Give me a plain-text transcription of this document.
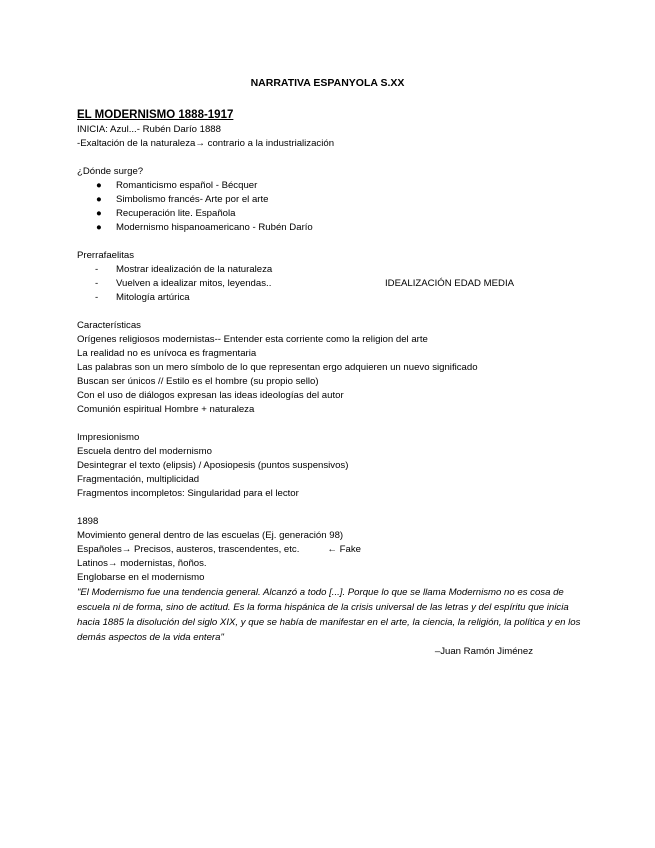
NARRATIVA ESPANYOLA S.XX
EL MODERNISMO 1888-1917

INICIA: Azul...- Rubén Darío 1888

-Exaltación de la naturaleza→ contrario a la industrialización

¿Dónde surge?

●	Romanticismo español - Bécquer
●	Simbolismo francés- Arte por el arte
●	Recuperación lite. Española
●	Modernismo hispanoamericano - Rubén Darío

Prerrafaelitas

-	Mostrar idealización de la naturaleza
-	Vuelven a idealizar mitos, leyendas..	IDEALIZACIÓN EDAD MEDIA
-	Mitología artúrica

Características

Orígenes religiosos modernistas-- Entender esta corriente como la religion del arte

La realidad no es unívoca es fragmentaria

Las palabras son un mero símbolo de lo que representan ergo adquieren un nuevo significado

Buscan ser únicos // Estilo es el hombre (su propio sello)

Con el uso de diálogos expresan las ideas ideologías del autor

Comunión espiritual Hombre + naturaleza

Impresionismo

Escuela dentro del modernismo

Desintegrar el texto (elipsis) / Aposiopesis (puntos suspensivos)

Fragmentación, multiplicidad

Fragmentos incompletos: Singularidad para el lector

1898

Movimiento general dentro de las escuelas (Ej. generación 98)

Españoles→ Precisos, austeros, trascendentes, etc.	← Fake

Latinos→ modernistas, ñoños.

Englobarse en el modernismo

"El Modernismo fue una tendencia general. Alcanzó a todo [...]. Porque lo que se llama Modernismo no es cosa de escuela ni de forma, sino de actitud. Es la forma hispánica de la crisis universal de las letras y del espíritu que inicia hacia 1885 la disolución del siglo XIX, y que se había de manifestar en el arte, la ciencia, la religión, la política y en los demás aspectos de la vida entera"

–Juan Ramón Jiménez
